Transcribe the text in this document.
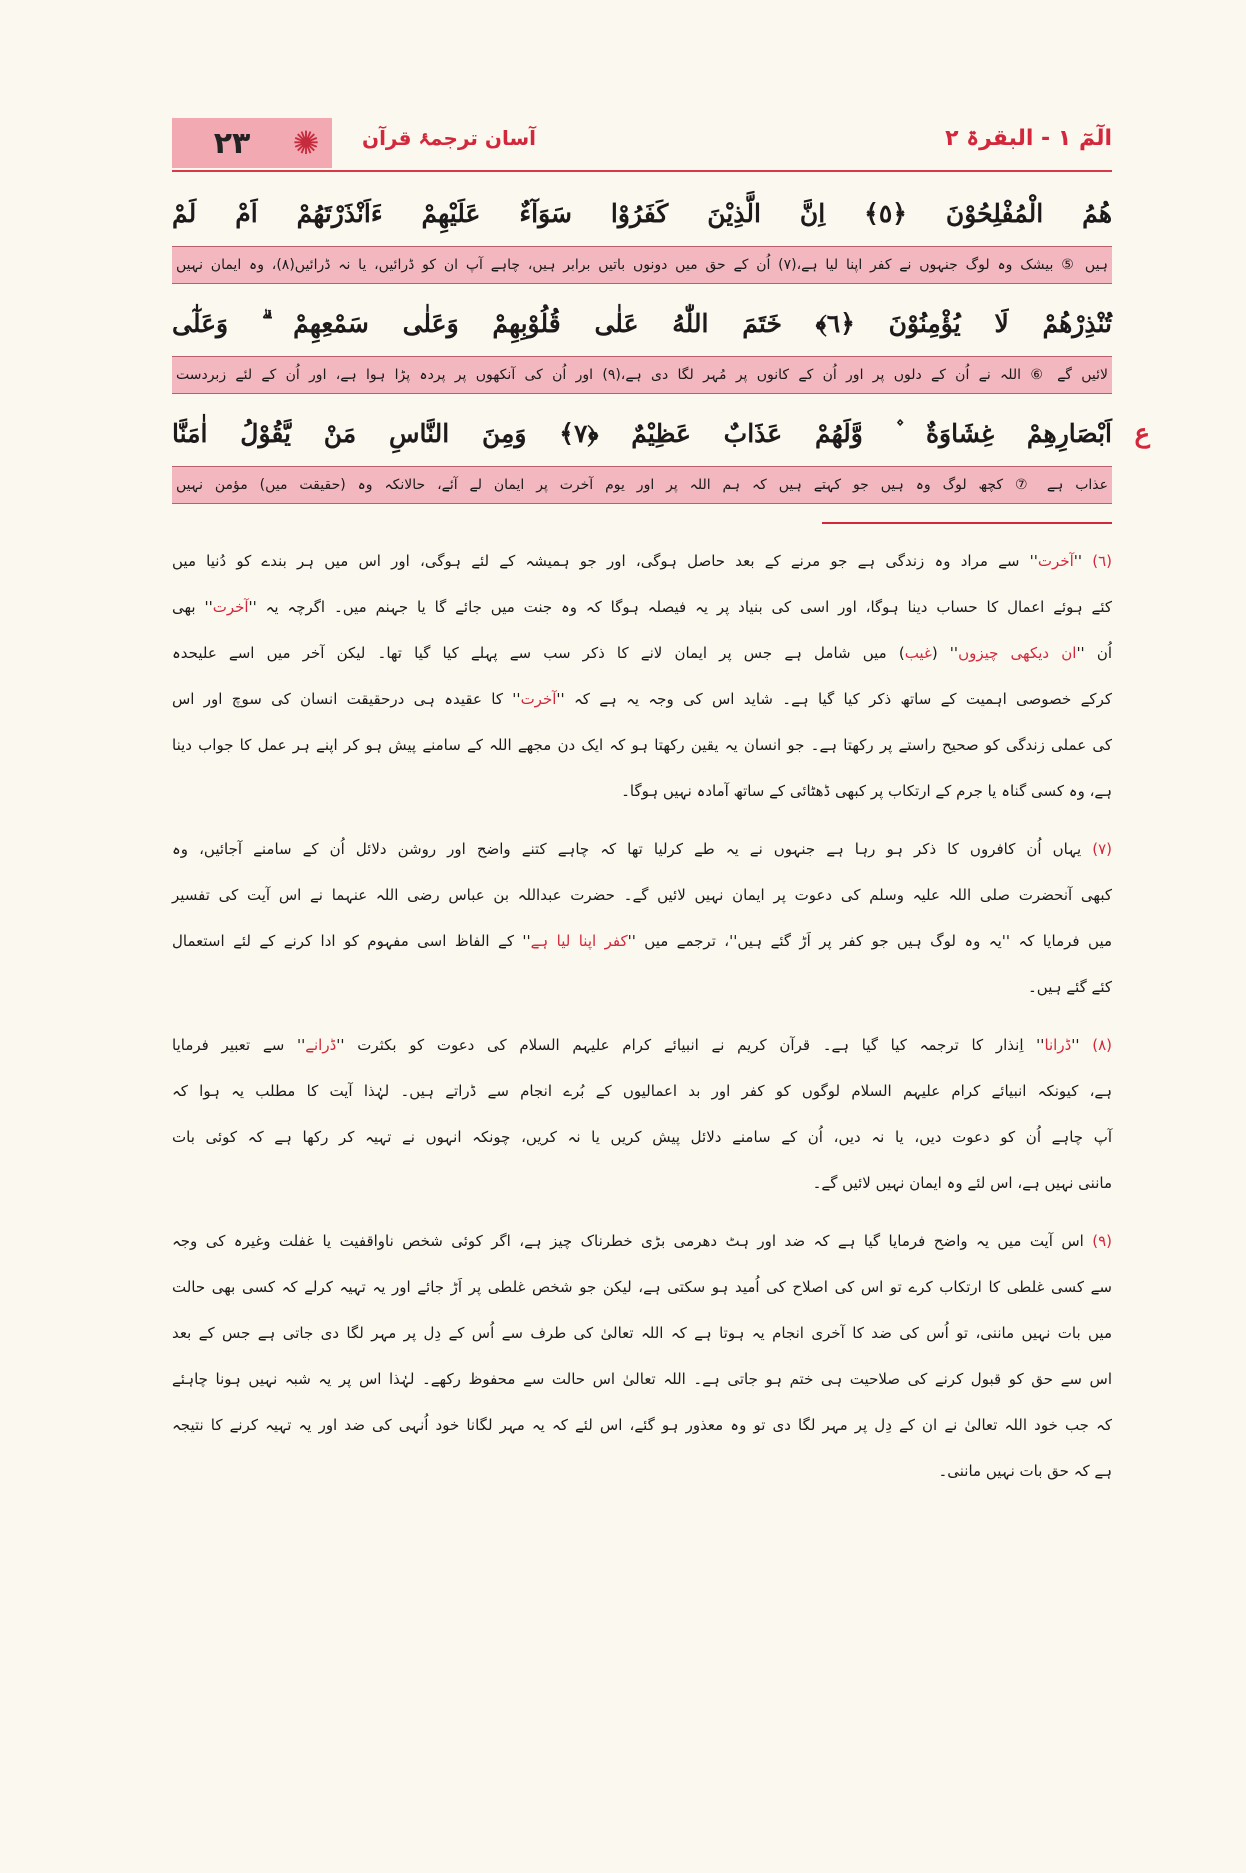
٢٣ ✺	آسان ترجمۂ قرآن	الٓمٓ ١ - البقرۃ ٢
هُمُ الْمُفْلِحُوْنَ ﴿٥﴾ اِنَّ الَّذِيْنَ كَفَرُوْا سَوَآءٌ عَلَيْهِمْ ءَاَنْذَرْتَهُمْ اَمْ لَمْ
ہیں ⑤ بیشک وہ لوگ جنہوں نے کفر اپنا لیا ہے،(٧) اُن کے حق میں دونوں باتیں برابر ہیں، چاہے آپ ان کو ڈرائیں، یا نہ ڈرائیں(٨)، وہ ایمان نہیں
تُنْذِرْهُمْ لَا يُؤْمِنُوْنَ ﴿٦﴾ خَتَمَ اللّٰهُ عَلٰى قُلُوْبِهِمْ وَعَلٰى سَمْعِهِمْ ۗ وَعَلٰٓى
لائیں گے ⑥ اللہ نے اُن کے دلوں پر اور اُن کے کانوں پر مُہر لگا دی ہے،(٩) اور اُن کی آنکھوں پر پردہ پڑا ہوا ہے، اور اُن کے لئے زبردست
اَبْصَارِهِمْ غِشَاوَةٌ ۫ وَّلَهُمْ عَذَابٌ عَظِيْمٌ ﴿٧﴾ وَمِنَ النَّاسِ مَنْ يَّقُوْلُ اٰمَنَّا ع
عذاب ہے ⑦ کچھ لوگ وہ ہیں جو کہتے ہیں کہ ہم اللہ پر اور یوم آخرت پر ایمان لے آئے، حالانکہ وہ (حقیقت میں) مؤمن نہیں
(٦) ''آخرت'' سے مراد وہ زندگی ہے جو مرنے کے بعد حاصل ہوگی، اور جو ہمیشہ کے لئے ہوگی، اور اس میں ہر بندے کو دُنیا میں
کئے ہوئے اعمال کا حساب دینا ہوگا، اور اسی کی بنیاد پر یہ فیصلہ ہوگا کہ وہ جنت میں جائے گا یا جہنم میں۔ اگرچہ یہ ''آخرت'' بھی
اُن ''ان دیکھی چیزوں'' (غیب) میں شامل ہے جس پر ایمان لانے کا ذکر سب سے پہلے کیا گیا تھا۔ لیکن آخر میں اسے علیحدہ
کرکے خصوصی اہمیت کے ساتھ ذکر کیا گیا ہے۔ شاید اس کی وجہ یہ ہے کہ ''آخرت'' کا عقیدہ ہی درحقیقت انسان کی سوچ اور اس
کی عملی زندگی کو صحیح راستے پر رکھتا ہے۔ جو انسان یہ یقین رکھتا ہو کہ ایک دن مجھے اللہ کے سامنے پیش ہو کر اپنے ہر عمل کا جواب دینا
ہے، وہ کسی گناہ یا جرم کے ارتکاب پر کبھی ڈھٹائی کے ساتھ آمادہ نہیں ہوگا۔
(٧) یہاں اُن کافروں کا ذکر ہو رہا ہے جنہوں نے یہ طے کرلیا تھا کہ چاہے کتنے واضح اور روشن دلائل اُن کے سامنے آجائیں، وہ
کبھی آنحضرت صلی اللہ علیہ وسلم کی دعوت پر ایمان نہیں لائیں گے۔ حضرت عبداللہ بن عباس رضی اللہ عنہما نے اس آیت کی تفسیر
میں فرمایا کہ ''یہ وہ لوگ ہیں جو کفر پر اَڑ گئے ہیں''، ترجمے میں ''کفر اپنا لیا ہے'' کے الفاظ اسی مفہوم کو ادا کرنے کے لئے استعمال
کئے گئے ہیں۔
(٨) ''ڈرانا'' اِنذار کا ترجمہ کیا گیا ہے۔ قرآن کریم نے انبیائے کرام علیہم السلام کی دعوت کو بکثرت ''ڈرانے'' سے تعبیر فرمایا
ہے، کیونکہ انبیائے کرام علیہم السلام لوگوں کو کفر اور بد اعمالیوں کے بُرے انجام سے ڈراتے ہیں۔ لہٰذا آیت کا مطلب یہ ہوا کہ
آپ چاہے اُن کو دعوت دیں، یا نہ دیں، اُن کے سامنے دلائل پیش کریں یا نہ کریں، چونکہ انہوں نے تہیہ کر رکھا ہے کہ کوئی بات
ماننی نہیں ہے، اس لئے وہ ایمان نہیں لائیں گے۔
(٩) اس آیت میں یہ واضح فرمایا گیا ہے کہ ضد اور ہٹ دھرمی بڑی خطرناک چیز ہے، اگر کوئی شخص ناواقفیت یا غفلت وغیرہ کی وجہ
سے کسی غلطی کا ارتکاب کرے تو اس کی اصلاح کی اُمید ہو سکتی ہے، لیکن جو شخص غلطی پر اَڑ جائے اور یہ تہیہ کرلے کہ کسی بھی حالت
میں بات نہیں ماننی، تو اُس کی ضد کا آخری انجام یہ ہوتا ہے کہ اللہ تعالیٰ کی طرف سے اُس کے دِل پر مہر لگا دی جاتی ہے جس کے بعد
اس سے حق کو قبول کرنے کی صلاحیت ہی ختم ہو جاتی ہے۔ اللہ تعالیٰ اس حالت سے محفوظ رکھے۔ لہٰذا اس پر یہ شبہ نہیں ہونا چاہئے
کہ جب خود اللہ تعالیٰ نے ان کے دِل پر مہر لگا دی تو وہ معذور ہو گئے، اس لئے کہ یہ مہر لگانا خود اُنہی کی ضد اور یہ تہیہ کرنے کا نتیجہ
ہے کہ حق بات نہیں ماننی۔
